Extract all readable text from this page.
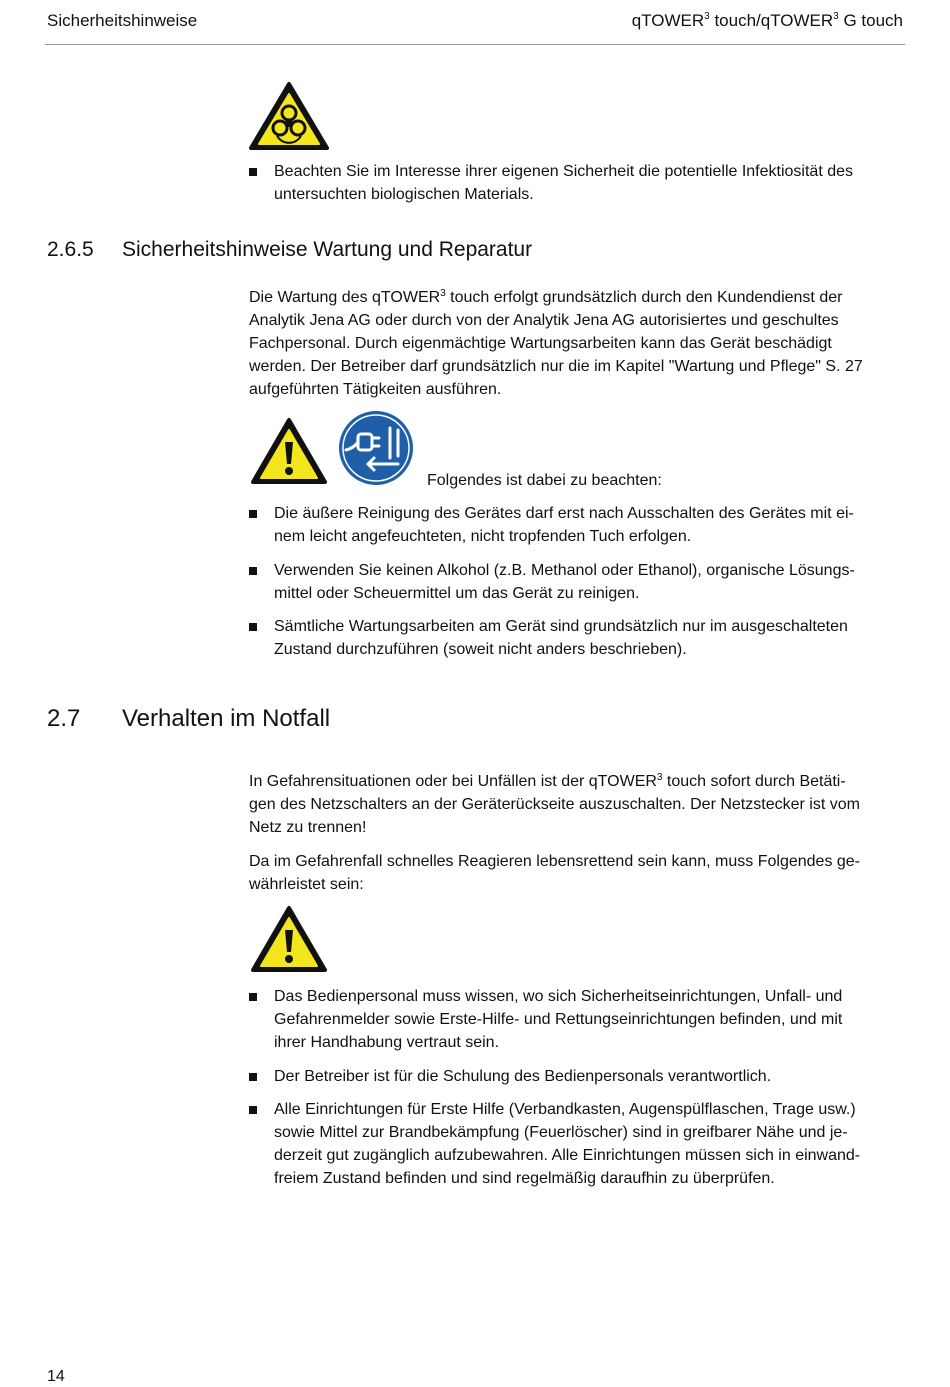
Sicherheitshinweise	qTOWER$^3$ touch/qTOWER$^3$ G touch
Beachten Sie im Interesse ihrer eigenen Sicherheit die potentielle Infektiosität des
untersuchten biologischen Materials.
2.6.5 Sicherheitshinweise Wartung und Reparatur
Die Wartung des qTOWER$^3$ touch erfolgt grundsätzlich durch den Kundendienst der
Analytik Jena AG oder durch von der Analytik Jena AG autorisiertes und geschultes
Fachpersonal. Durch eigenmächtige Wartungsarbeiten kann das Gerät beschädigt
werden. Der Betreiber darf grundsätzlich nur die im Kapitel "Wartung und Pflege" S. 27
aufgeführten Tätigkeiten ausführen.
Folgendes ist dabei zu beachten:
Die äußere Reinigung des Gerätes darf erst nach Ausschalten des Gerätes mit ei-
nem leicht angefeuchteten, nicht tropfenden Tuch erfolgen.
Verwenden Sie keinen Alkohol (z.B. Methanol oder Ethanol), organische Lösungs-
mittel oder Scheuermittel um das Gerät zu reinigen.
Sämtliche Wartungsarbeiten am Gerät sind grundsätzlich nur im ausgeschalteten
Zustand durchzuführen (soweit nicht anders beschrieben).
2.7 Verhalten im Notfall
In Gefahrensituationen oder bei Unfällen ist der qTOWER$^3$ touch sofort durch Betäti-
gen des Netzschalters an der Geräterückseite auszuschalten. Der Netzstecker ist vom
Netz zu trennen!
Da im Gefahrenfall schnelles Reagieren lebensrettend sein kann, muss Folgendes ge-
währleistet sein:
Das Bedienpersonal muss wissen, wo sich Sicherheitseinrichtungen, Unfall- und
Gefahrenmelder sowie Erste-Hilfe- und Rettungseinrichtungen befinden, und mit
ihrer Handhabung vertraut sein.
Der Betreiber ist für die Schulung des Bedienpersonals verantwortlich.
Alle Einrichtungen für Erste Hilfe (Verbandkasten, Augenspülflaschen, Trage usw.)
sowie Mittel zur Brandbekämpfung (Feuerlöscher) sind in greifbarer Nähe und je-
derzeit gut zugänglich aufzubewahren. Alle Einrichtungen müssen sich in einwand-
freiem Zustand befinden und sind regelmäßig daraufhin zu überprüfen.
14
